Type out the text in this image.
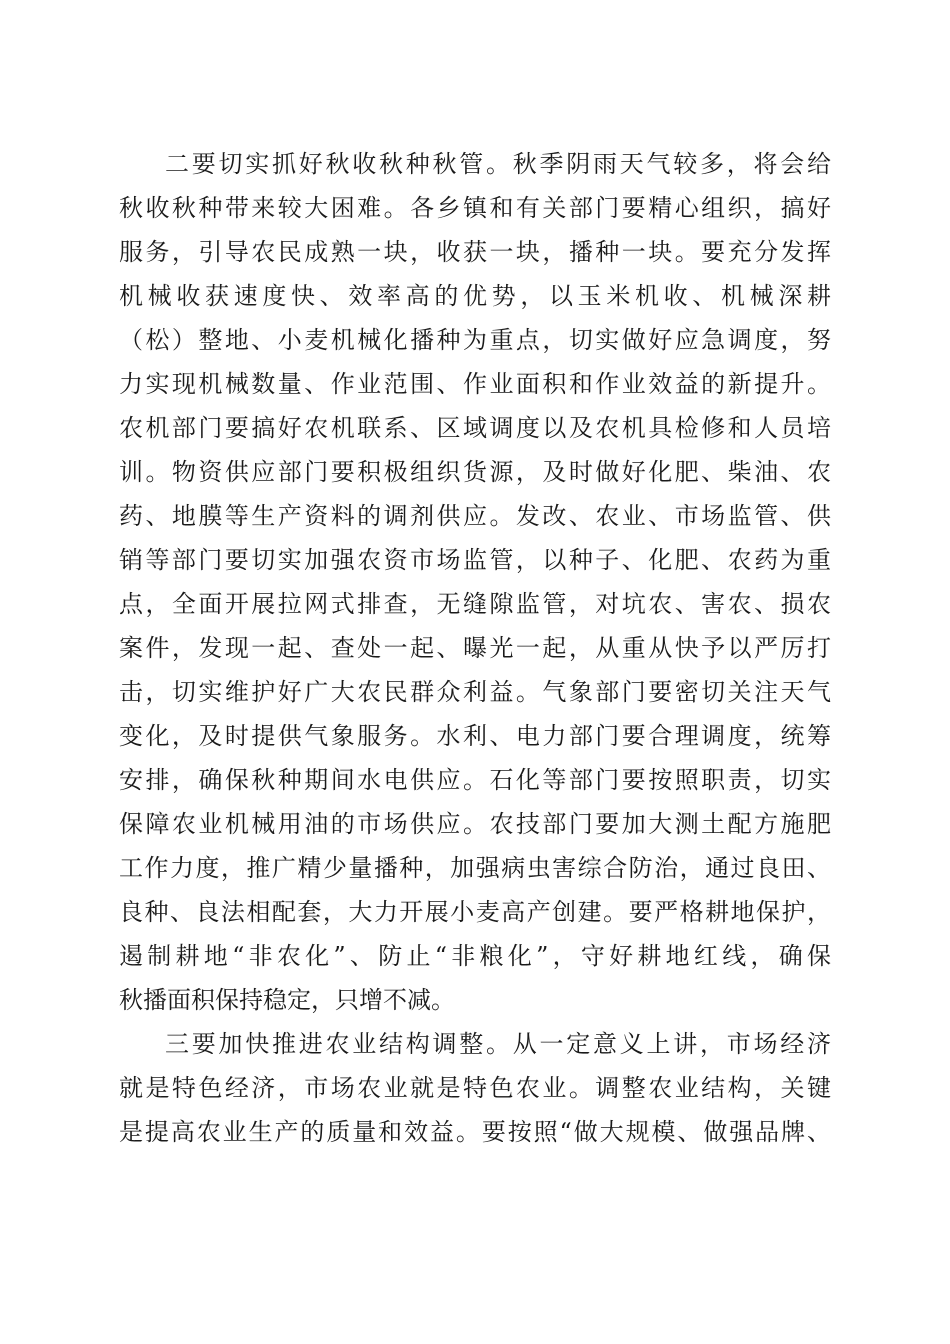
二要切实抓好秋收秋种秋管。秋季阴雨天气较多，将会给
秋收秋种带来较大困难。各乡镇和有关部门要精心组织，搞好
服务，引导农民成熟一块，收获一块，播种一块。要充分发挥
机械收获速度快、效率高的优势，以玉米机收、机械深耕
（松）整地、小麦机械化播种为重点，切实做好应急调度，努
力实现机械数量、作业范围、作业面积和作业效益的新提升。
农机部门要搞好农机联系、区域调度以及农机具检修和人员培
训。物资供应部门要积极组织货源，及时做好化肥、柴油、农
药、地膜等生产资料的调剂供应。发改、农业、市场监管、供
销等部门要切实加强农资市场监管，以种子、化肥、农药为重
点，全面开展拉网式排查，无缝隙监管，对坑农、害农、损农
案件，发现一起、查处一起、曝光一起，从重从快予以严厉打
击，切实维护好广大农民群众利益。气象部门要密切关注天气
变化，及时提供气象服务。水利、电力部门要合理调度，统筹
安排，确保秋种期间水电供应。石化等部门要按照职责，切实
保障农业机械用油的市场供应。农技部门要加大测土配方施肥
工作力度，推广精少量播种，加强病虫害综合防治，通过良田、
良种、良法相配套，大力开展小麦高产创建。要严格耕地保护，
遏制耕地“非农化”、防止“非粮化”，守好耕地红线，确保
秋播面积保持稳定，只增不减。
三要加快推进农业结构调整。从一定意义上讲，市场经济
就是特色经济，市场农业就是特色农业。调整农业结构，关键
是提高农业生产的质量和效益。要按照“做大规模、做强品牌、
